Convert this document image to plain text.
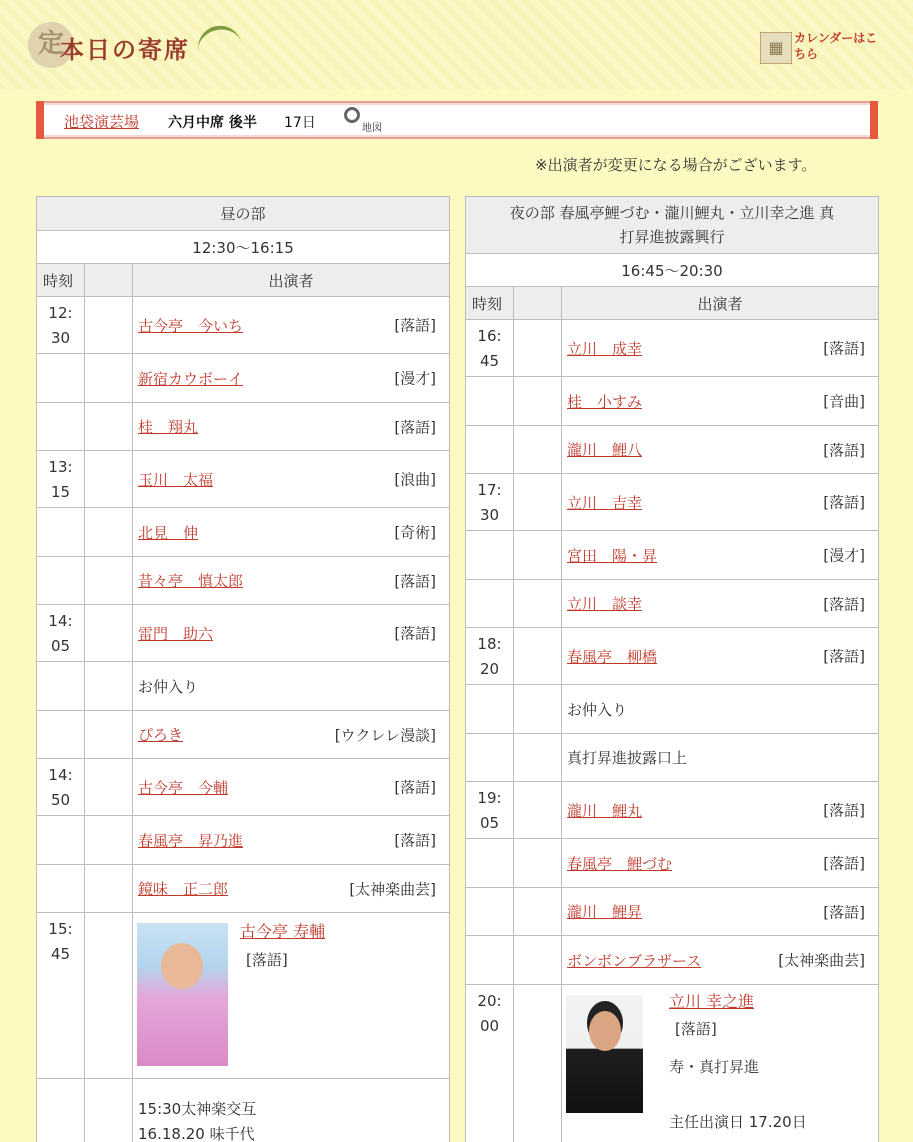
定
本日の寄席	▦ カレンダーはこちら
池袋演芸場 六月中席 後半 17日	地図
※出演者が変更になる場合がございます。
昼の部		
12:30〜16:15		
時刻		出演者
12:
30		古今亭　今いち [落語]

		新宿カウボーイ [漫才]

		桂　翔丸 [落語]

13:
15		玉川　太福 [浪曲]

		北見　伸 [奇術]

		昔々亭　慎太郎 [落語]

14:
05		雷門　助六 [落語]

		お仲入り
		ぴろき [ウクレレ漫談]

14:
50		古今亭　今輔 [落語]

		春風亭　昇乃進 [落語]

		鏡味　正二郎 [太神楽曲芸]

15:
45		古今亭 寿輔
[落語]

		15:30太神楽交互
16.18.20 味千代
夜の部 春風亭鯉づむ・瀧川鯉丸・立川幸之進 真
打昇進披露興行		

16:45〜20:30		
時刻		出演者
16:
45		立川　成幸 [落語]

		桂　小すみ [音曲]

		瀧川　鯉八 [落語]

17:
30		立川　吉幸 [落語]

		宮田　陽・昇 [漫才]

		立川　談幸 [落語]

18:
20		春風亭　柳橋 [落語]

		お仲入り
		真打昇進披露口上
19:
05		瀧川　鯉丸 [落語]

		春風亭　鯉づむ [落語]

		瀧川　鯉昇 [落語]

		ボンボンブラザース [太神楽曲芸]

20:
00		立川 幸之進
[落語]
寿・真打昇進
主任出演日 17.20日
